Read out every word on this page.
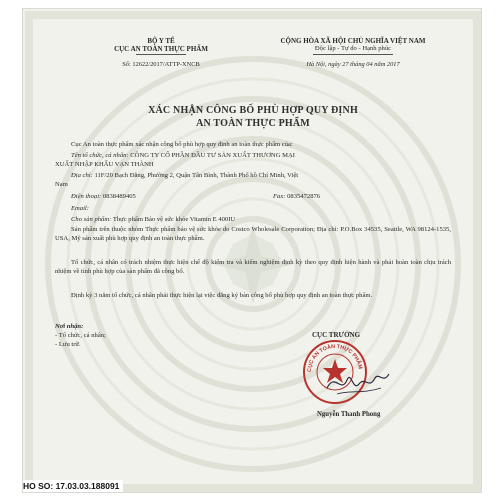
BỘ Y TẾ
CỤC AN TOÀN THỰC PHẨM
Số: 12622/2017/ATTP-XNCB
CỘNG HÒA XÃ HỘI CHỦ NGHĨA VIỆT NAM
Độc lập - Tự do - Hạnh phúc
Hà Nội, ngày 27 tháng 04 năm 2017
XÁC NHẬN CÔNG BỐ PHÙ HỢP QUY ĐỊNH
AN TOÀN THỰC PHẨM
Cục An toàn thực phẩm xác nhận công bố phù hợp quy định an toàn thực phẩm của:
Tên tổ chức, cá nhân: CÔNG TY CỔ PHẦN ĐẦU TƯ SẢN XUẤT THƯƠNG MẠI
XUẤT NHẬP KHẨU VẠN THÀNH
Địa chỉ: 11F/20 Bạch Đằng, Phường 2, Quận Tân Bình, Thành Phố hồ Chí Minh, Việt
Nam
Điện thoại: 0838489405	Fax: 0835472876
Email:
Cho sản phẩm: Thực phẩm Bảo vệ sức khỏe Vitamin E 400IU
Sản phẩm trên thuộc nhóm Thực phẩm bảo vệ sức khỏe do Costco Wholesale Corporation; Địa chỉ: P.O.Box 34535, Seattle, WA 98124-1535, USA, Mỹ sản xuất phù hợp quy định an toàn thực phẩm.
Tổ chức, cá nhân có trách nhiệm thực hiện chế độ kiểm tra và kiểm nghiệm định kỳ theo quy định hiện hành và phải hoàn toàn chịu trách nhiệm về tính phù hợp của sản phẩm đã công bố.
Định kỳ 3 năm tổ chức, cá nhân phải thực hiện lại việc đăng ký bản công bố phù hợp quy định an toàn thực phẩm.
Nơi nhận:
- Tổ chức, cá nhân;
- Lưu trữ.
CỤC TRƯỞNG
CỤC AN TOÀN THỰC PHẨM
Nguyễn Thanh Phong
HO SO: 17.03.03.188091
